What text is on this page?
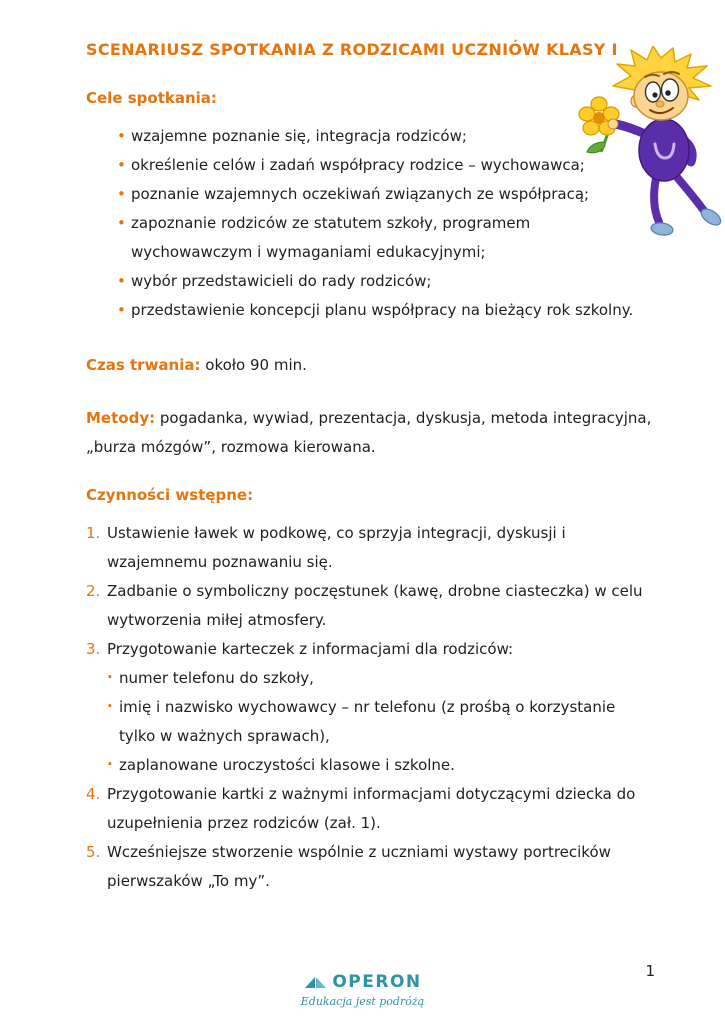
SCENARIUSZ SPOTKANIA Z RODZICAMI UCZNIÓW KLASY I
Cele spotkania:
• wzajemne poznanie się, integracja rodziców;
• określenie celów i zadań współpracy rodzice – wychowawca;
• poznanie wzajemnych oczekiwań związanych ze współpracą;
• zapoznanie rodziców ze statutem szkoły, programem wychowawczym i wymaganiami edukacyjnymi;
• wybór przedstawicieli do rady rodziców;
• przedstawienie koncepcji planu współpracy na bieżący rok szkolny.

Czas trwania: około 90 min.

Metody: pogadanka, wywiad, prezentacja, dyskusja, metoda integracyjna, „burza mózgów”, rozmowa kierowana.

Czynności wstępne:
1. Ustawienie ławek w podkowę, co sprzyja integracji, dyskusji i wzajemnemu poznawaniu się.
2. Zadbanie o symboliczny poczęstunek (kawę, drobne ciasteczka) w celu wytworzenia miłej atmosfery.
3. Przygotowanie karteczek z informacjami dla rodziców:
· numer telefonu do szkoły,
· imię i nazwisko wychowawcy – nr telefonu (z prośbą o korzystanie tylko w ważnych sprawach),
· zaplanowane uroczystości klasowe i szkolne.
4. Przygotowanie kartki z ważnymi informacjami dotyczącymi dziecka do uzupełnienia przez rodziców (zał. 1).
5. Wcześniejsze stworzenie wspólnie z uczniami wystawy portrecików pierwszaków „To my”.
OPERON
Edukacja jest podróżą
1
